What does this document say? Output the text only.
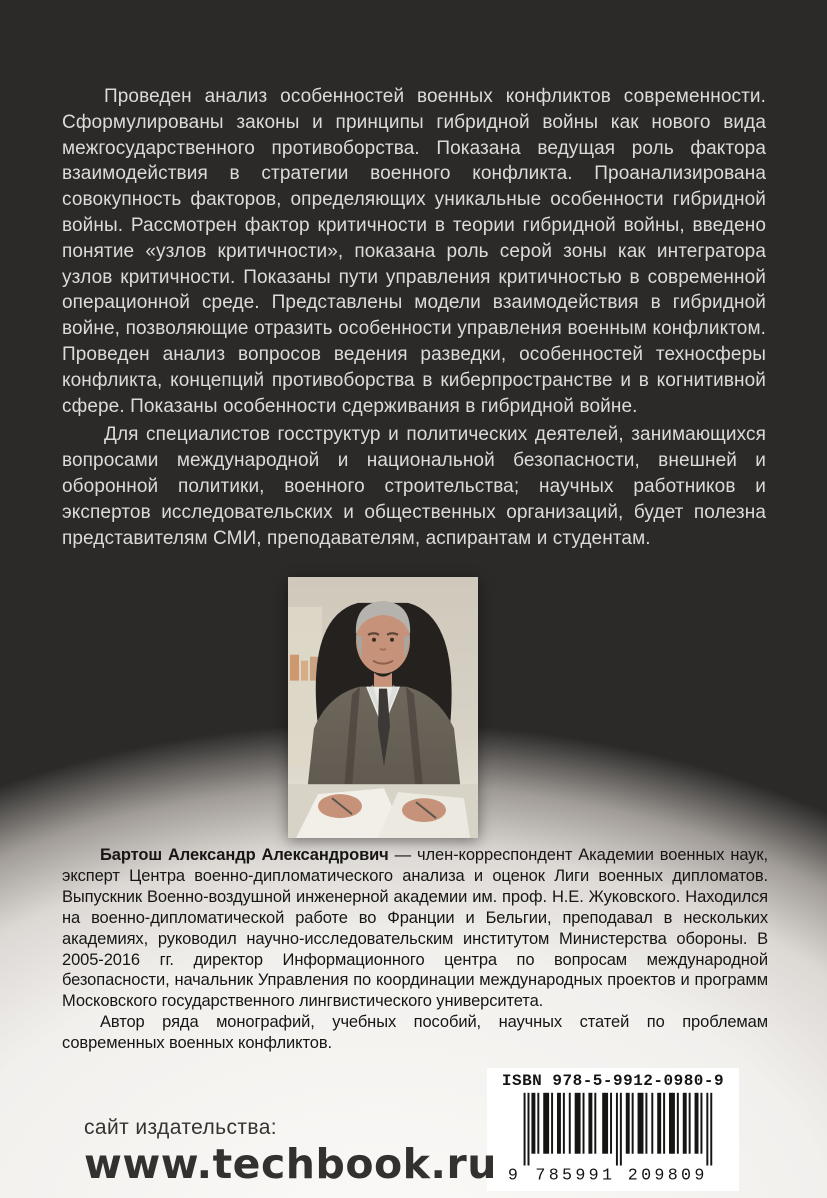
Проведен анализ особенностей военных конфликтов современности. Сформулированы законы и принципы гибридной войны как нового вида межгосударственного противоборства. Показана ведущая роль фактора взаимодействия в стратегии военного конфликта. Проанализирована совокупность факторов, определяющих уникальные особенности гибридной войны. Рассмотрен фактор критичности в теории гибридной войны, введено понятие «узлов критичности», показана роль серой зоны как интегратора узлов критичности. Показаны пути управления критичностью в современной операционной среде. Представлены модели взаимодействия в гибридной войне, позволяющие отразить особенности управления военным конфликтом. Проведен анализ вопросов ведения разведки, особенностей техносферы конфликта, концепций противоборства в киберпространстве и в когнитивной сфере. Показаны особенности сдерживания в гибридной войне.

Для специалистов госструктур и политических деятелей, занимающихся вопросами международной и национальной безопасности, внешней и оборонной политики, военного строительства; научных работников и экспертов исследовательских и общественных организаций, будет полезна представителям СМИ, преподавателям, аспирантам и студентам.

Бартош Александр Александрович — член-корреспондент Академии военных наук, эксперт Центра военно-дипломатического анализа и оценок Лиги военных дипломатов. Выпускник Военно-воздушной инженерной академии им. проф. Н.Е. Жуковского. Находился на военно-дипломатической работе во Франции и Бельгии, преподавал в нескольких академиях, руководил научно-исследовательским институтом Министерства обороны. В 2005-2016 гг. директор Информационного центра по вопросам международной безопасности, начальник Управления по координации международных проектов и программ Московского государственного лингвистического университета.

Автор ряда монографий, учебных пособий, научных статей по проблемам современных военных конфликтов.

ISBN 978-5-9912-0980-9
9 785991 209809
сайт издательства:
www.techbook.ru
